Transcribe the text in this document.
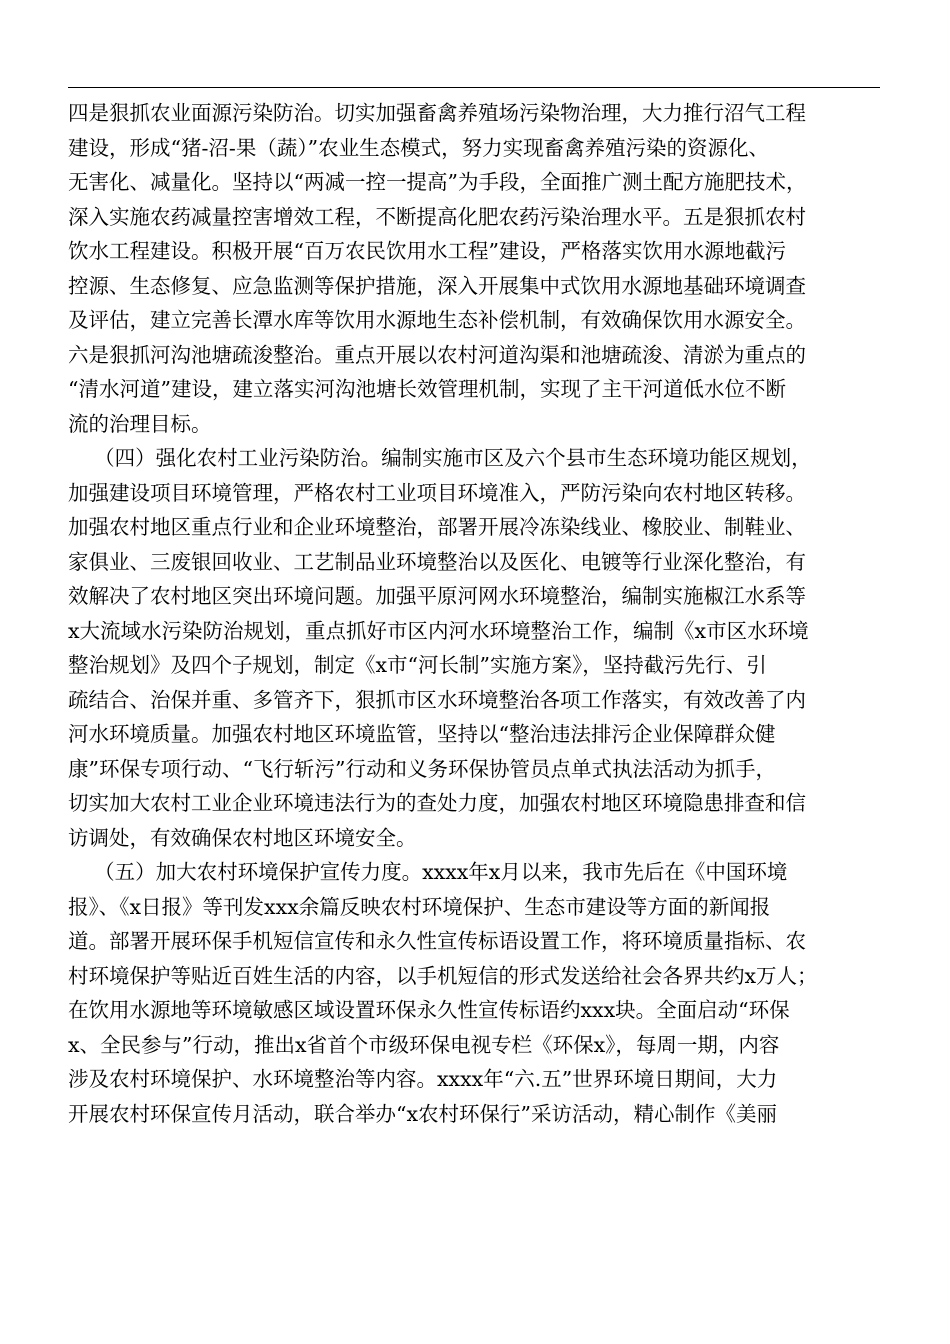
四是狠抓农业面源污染防治。切实加强畜禽养殖场污染物治理，大力推行沼气工程
建设，形成“猪-沼-果（蔬）”农业生态模式，努力实现畜禽养殖污染的资源化、
无害化、减量化。坚持以“两减一控一提高”为手段，全面推广测土配方施肥技术，
深入实施农药减量控害增效工程，不断提高化肥农药污染治理水平。五是狠抓农村
饮水工程建设。积极开展“百万农民饮用水工程”建设，严格落实饮用水源地截污
控源、生态修复、应急监测等保护措施，深入开展集中式饮用水源地基础环境调查
及评估，建立完善长潭水库等饮用水源地生态补偿机制，有效确保饮用水源安全。
六是狠抓河沟池塘疏浚整治。重点开展以农村河道沟渠和池塘疏浚、清淤为重点的
“清水河道”建设，建立落实河沟池塘长效管理机制，实现了主干河道低水位不断
流的治理目标。
（四）强化农村工业污染防治。编制实施市区及六个县市生态环境功能区规划，
加强建设项目环境管理，严格农村工业项目环境准入，严防污染向农村地区转移。
加强农村地区重点行业和企业环境整治，部署开展冷冻染线业、橡胶业、制鞋业、
家俱业、三废银回收业、工艺制品业环境整治以及医化、电镀等行业深化整治，有
效解决了农村地区突出环境问题。加强平原河网水环境整治，编制实施椒江水系等
x大流域水污染防治规划，重点抓好市区内河水环境整治工作，编制《x市区水环境
整治规划》及四个子规划，制定《x市“河长制”实施方案》，坚持截污先行、引
疏结合、治保并重、多管齐下，狠抓市区水环境整治各项工作落实，有效改善了内
河水环境质量。加强农村地区环境监管，坚持以“整治违法排污企业保障群众健
康”环保专项行动、“飞行斩污”行动和义务环保协管员点单式执法活动为抓手，
切实加大农村工业企业环境违法行为的查处力度，加强农村地区环境隐患排查和信
访调处，有效确保农村地区环境安全。
（五）加大农村环境保护宣传力度。xxxx年x月以来，我市先后在《中国环境
报》、《x日报》等刊发xxx余篇反映农村环境保护、生态市建设等方面的新闻报
道。部署开展环保手机短信宣传和永久性宣传标语设置工作，将环境质量指标、农
村环境保护等贴近百姓生活的内容，以手机短信的形式发送给社会各界共约x万人；
在饮用水源地等环境敏感区域设置环保永久性宣传标语约xxx块。全面启动“环保
x、全民参与”行动，推出x省首个市级环保电视专栏《环保x》，每周一期，内容
涉及农村环境保护、水环境整治等内容。xxxx年“六.五”世界环境日期间，大力
开展农村环保宣传月活动，联合举办“x农村环保行”采访活动，精心制作《美丽
